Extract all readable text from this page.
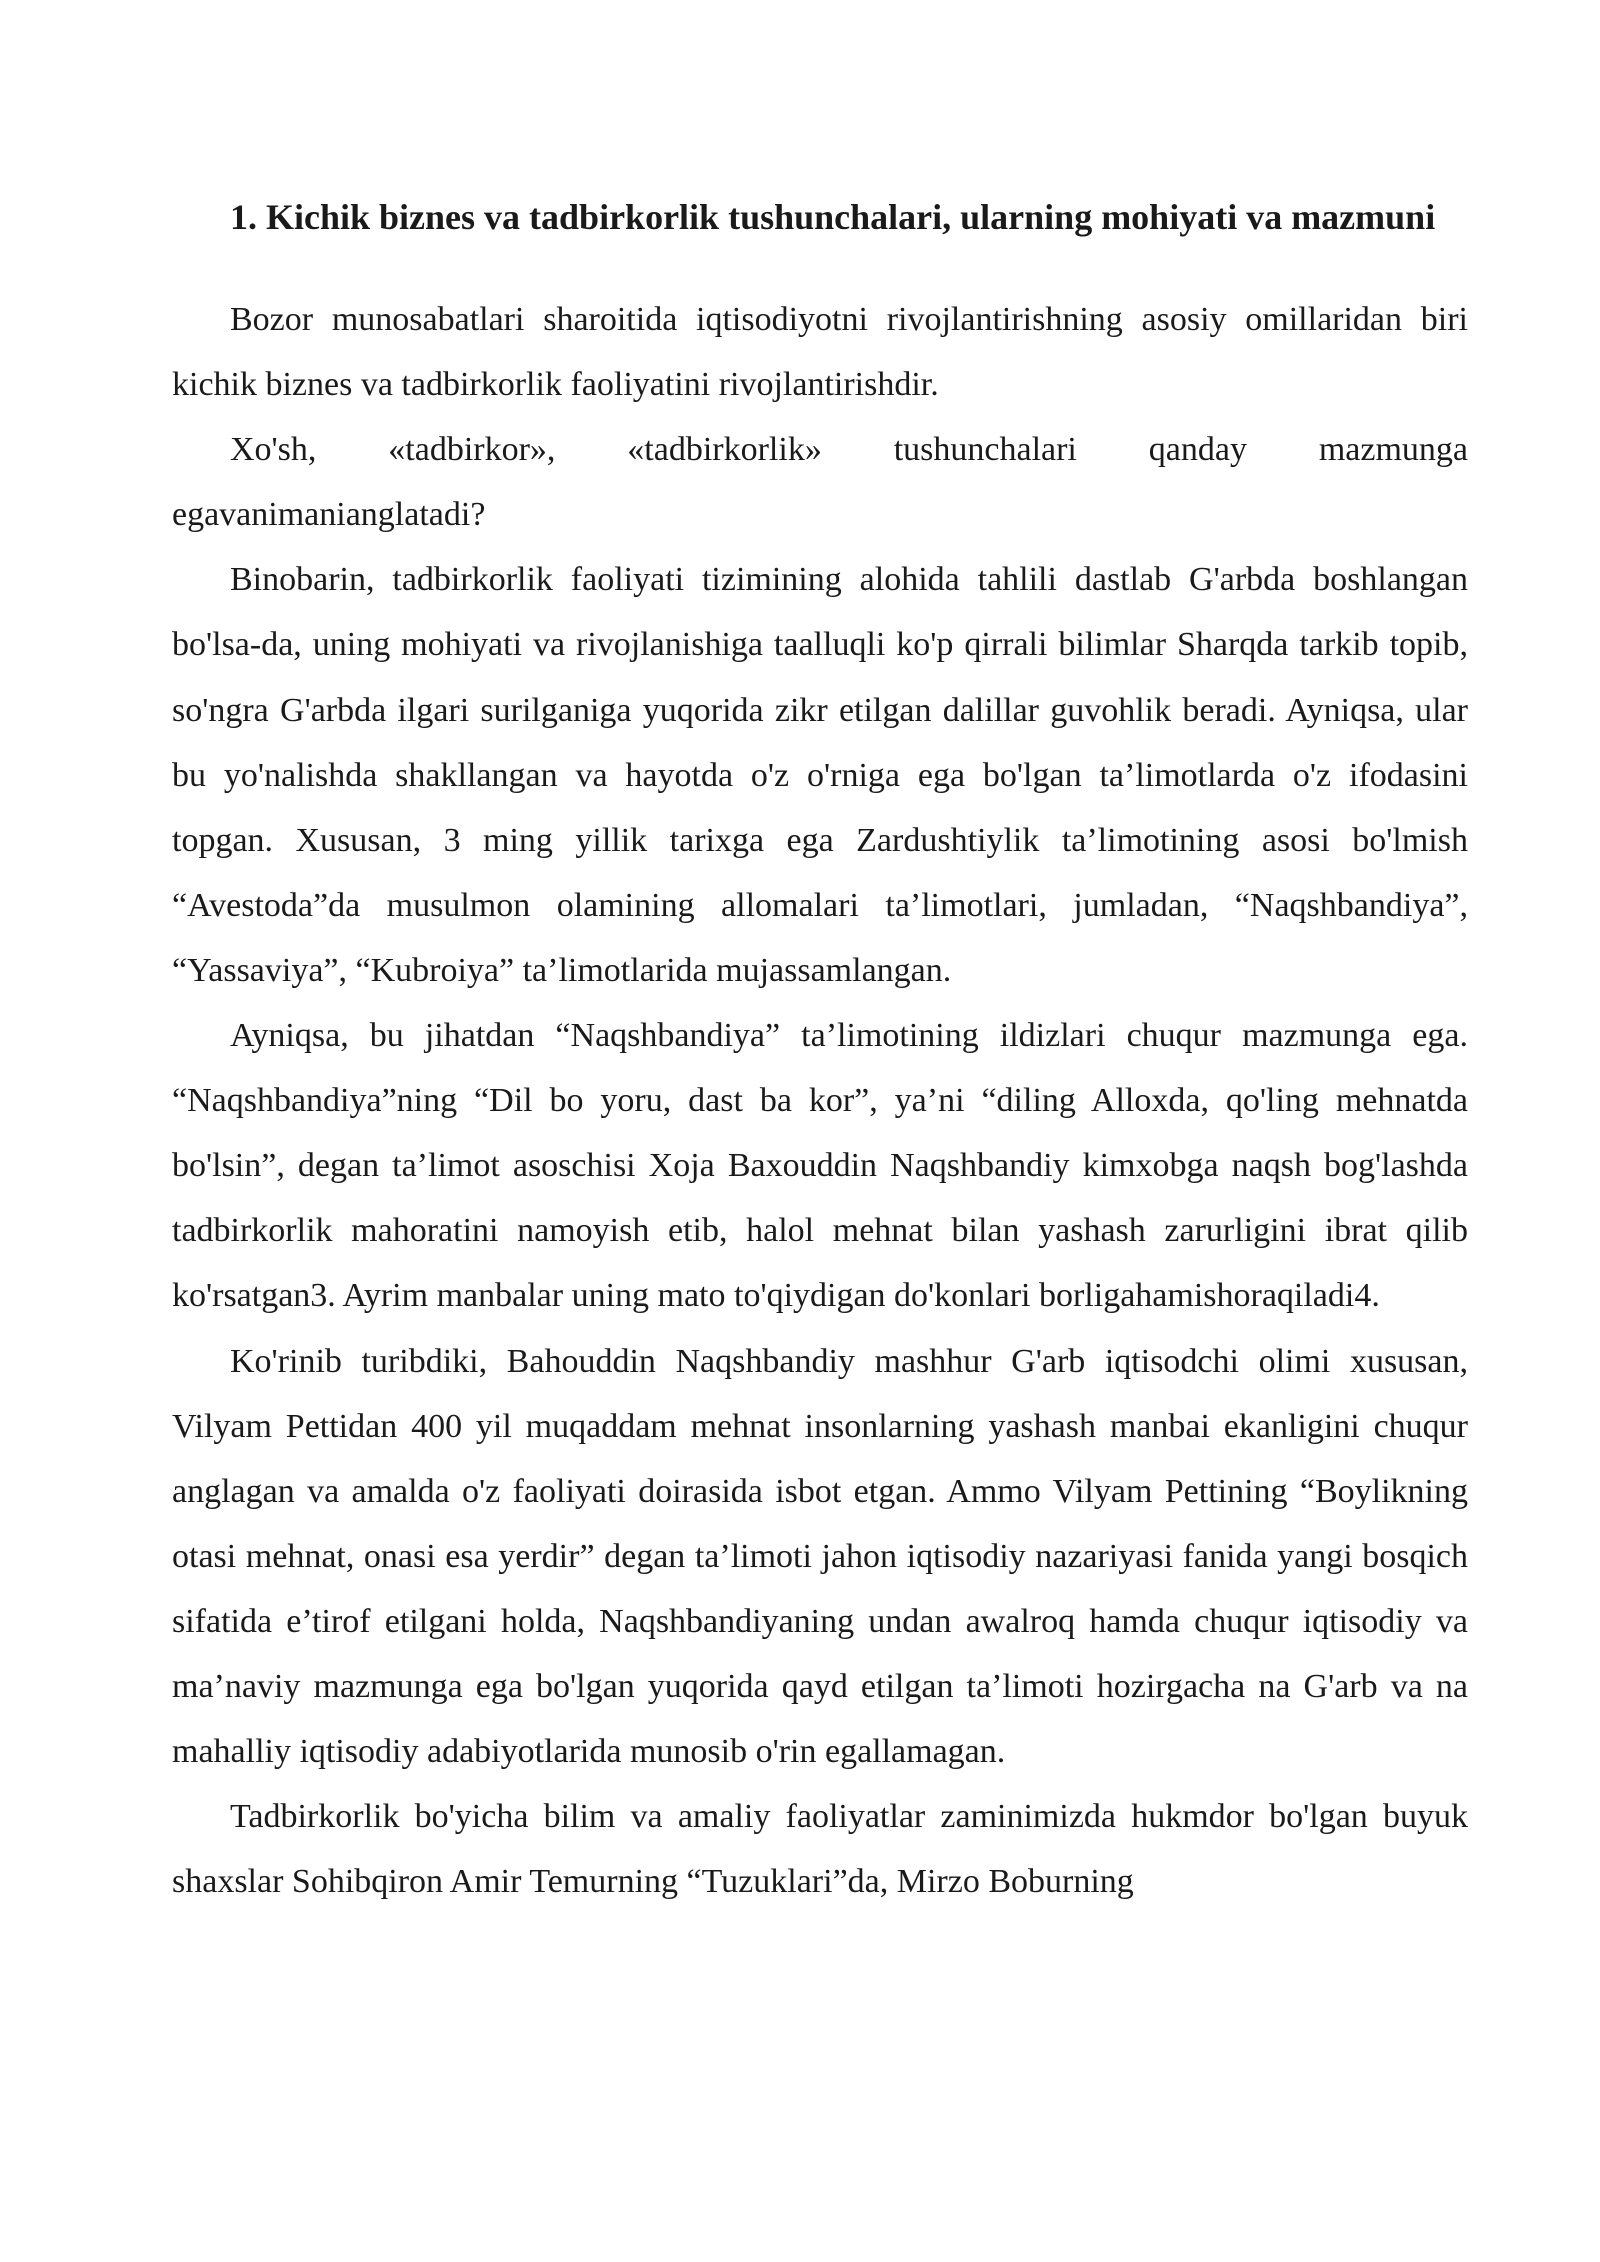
1. Kichik biznes va tadbirkorlik tushunchalari, ularning mohiyati va mazmuni

Bozor munosabatlari sharoitida iqtisodiyotni rivojlantirishning asosiy omillaridan biri kichik biznes va tadbirkorlik faoliyatini rivojlantirishdir.

Xo'sh, «tadbirkor», «tadbirkorlik» tushunchalari qanday mazmunga egavanimanianglatadi?

Binobarin, tadbirkorlik faoliyati tizimining alohida tahlili dastlab G'arbda boshlangan bo'lsa-da, uning mohiyati va rivojlanishiga taalluqli ko'p qirrali bilimlar Sharqda tarkib topib, so'ngra G'arbda ilgari surilganiga yuqorida zikr etilgan dalillar guvohlik beradi. Ayniqsa, ular bu yo'nalishda shakllangan va hayotda o'z o'rniga ega bo'lgan ta’limotlarda o'z ifodasini topgan. Xususan, 3 ming yillik tarixga ega Zardushtiylik ta’limotining asosi bo'lmish “Avestoda”da musulmon olamining allomalari ta’limotlari, jumladan, “Naqshbandiya”, “Yassaviya”, “Kubroiya” ta’limotlarida mujassamlangan.

Ayniqsa, bu jihatdan “Naqshbandiya” ta’limotining ildizlari chuqur mazmunga ega. “Naqshbandiya”ning “Dil bo yoru, dast ba kor”, ya’ni “diling Alloxda, qo'ling mehnatda bo'lsin”, degan ta’limot asoschisi Xoja Baxouddin Naqshbandiy kimxobga naqsh bog'lashda tadbirkorlik mahoratini namoyish etib, halol mehnat bilan yashash zarurligini ibrat qilib ko'rsatgan3. Ayrim manbalar uning mato to'qiydigan do'konlari borligahamishoraqiladi4.

Ko'rinib turibdiki, Bahouddin Naqshbandiy mashhur G'arb iqtisodchi olimi xususan, Vilyam Pettidan 400 yil muqaddam mehnat insonlarning yashash manbai ekanligini chuqur anglagan va amalda o'z faoliyati doirasida isbot etgan. Ammo Vilyam Pettining “Boylikning otasi mehnat, onasi esa yerdir” degan ta’limoti jahon iqtisodiy nazariyasi fanida yangi bosqich sifatida e’tirof etilgani holda, Naqshbandiyaning undan awalroq hamda chuqur iqtisodiy va ma’naviy mazmunga ega bo'lgan yuqorida qayd etilgan ta’limoti hozirgacha na G'arb va na mahalliy iqtisodiy adabiyotlarida munosib o'rin egallamagan.

Tadbirkorlik bo'yicha bilim va amaliy faoliyatlar zaminimizda hukmdor bo'lgan buyuk shaxslar Sohibqiron Amir Temurning “Tuzuklari”da, Mirzo Boburning
